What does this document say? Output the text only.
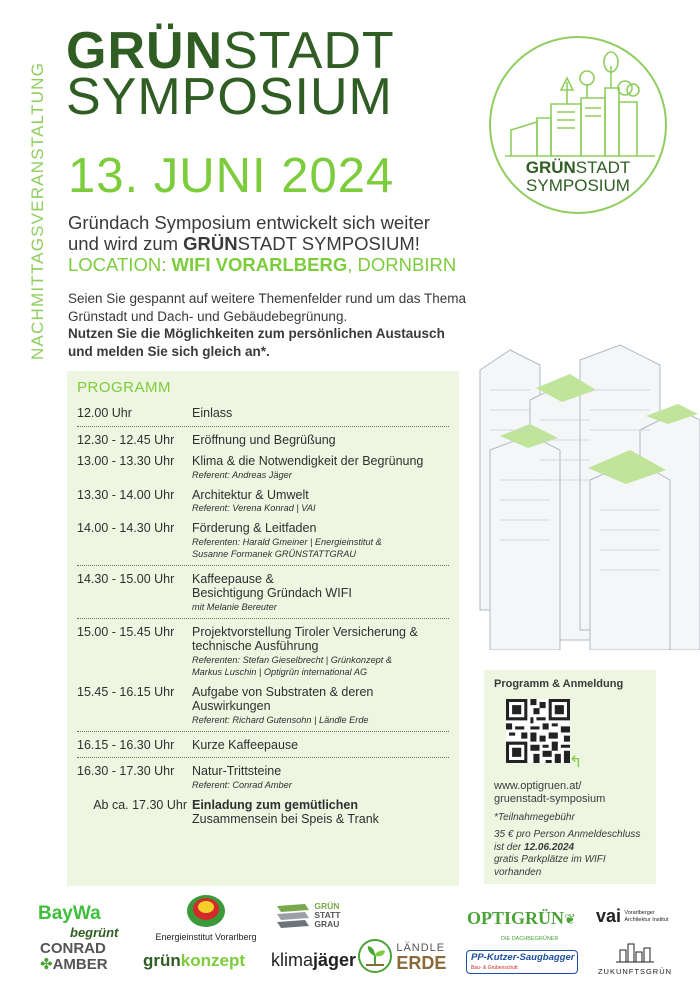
NACHMITTAGSVERANSTALTUNG
GRÜNSTADT
SYMPOSIUM
13. JUNI 2024
Gründach Symposium entwickelt sich weiter
und wird zum GRÜNSTADT SYMPOSIUM!
LOCATION: WIFI VORARLBERG, DORNBIRN
Seien Sie gespannt auf weitere Themenfelder rund um das Thema
Grünstadt und Dach- und Gebäudebegrünung.
Nutzen Sie die Möglichkeiten zum persönlichen Austausch
und melden Sie sich gleich an*.
GRÜNSTADT
SYMPOSIUM
PROGRAMM
12.00 Uhr	Einlass
12.30 - 12.45 Uhr	Eröffnung und Begrüßung
13.00 - 13.30 Uhr	Klima & die Notwendigkeit der Begrünung
Referent: Andreas Jäger
13.30 - 14.00 Uhr	Architektur & Umwelt
Referent: Verena Konrad | VAI
14.00 - 14.30 Uhr	Förderung & Leitfaden
Referenten: Harald Gmeiner | Energieinstitut &
Susanne Formanek GRÜNSTATTGRAU
14.30 - 15.00 Uhr	Kaffeepause &
Besichtigung Gründach WIFI
mit Melanie Bereuter
15.00 - 15.45 Uhr	Projektvorstellung Tiroler Versicherung &
technische Ausführung
Referenten: Stefan Gieselbrecht | Grünkonzept &
Markus Luschin | Optigrün international AG
15.45 - 16.15 Uhr	Aufgabe von Substraten & deren
Auswirkungen
Referent: Richard Gutensohn | Ländle Erde
16.15 - 16.30 Uhr	Kurze Kaffeepause
16.30 - 17.30 Uhr	Natur-Trittsteine
Referent: Conrad Amber
Ab ca. 17.30 Uhr Einladung zum gemütlichen
Zusammensein bei Speis & Trank
Programm & Anmeldung
↰
www.optigruen.at/
gruenstadt-symposium
*Teilnahmegebühr
35 € pro Person Anmeldeschluss
ist der 12.06.2024
gratis Parkplätze im WIFI
vorhanden
BayWa
begrünt	Energieinstitut Vorarlberg
GRÜN
STATT
GRAU	OPTIGRÜN❦
DIE DACHBEGRÜNER
vai Vorarlberger
Architektur Institut
CONRAD
✤AMBER grünkonzept klimajäger
LÄNDLE
ERDE	PP-Kutzer-Saugbagger
Bau- & Grubenschutt	ZUKUNFTSGRÜN
